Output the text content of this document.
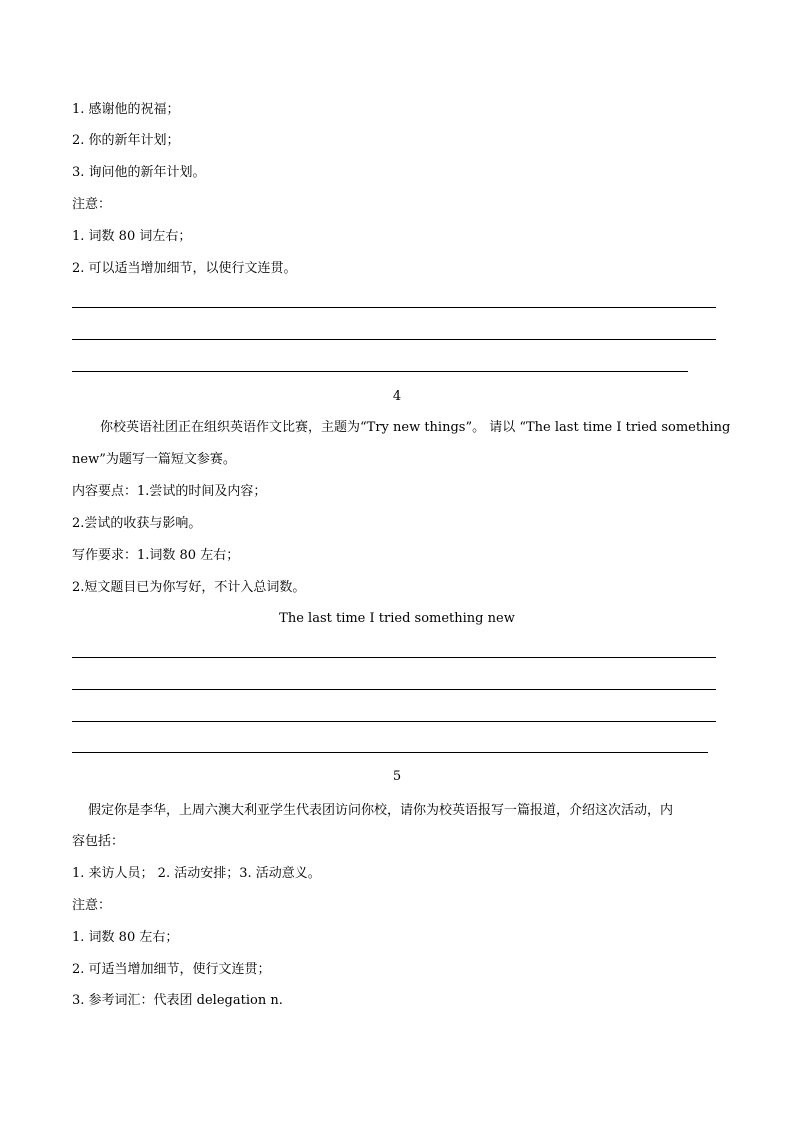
1. 感谢他的祝福；
2. 你的新年计划；
3. 询问他的新年计划。
注意：
1. 词数 80 词左右；
2. 可以适当增加细节，以使行文连贯。
4
你校英语社团正在组织英语作文比赛，主题为“Try new things”。 请以 “The last time I tried something
new”为题写一篇短文参赛。
内容要点：1.尝试的时间及内容；
2.尝试的收获与影响。
写作要求：1.词数 80 左右；
2.短文题目已为你写好，不计入总词数。
The last time I tried something new
5
假定你是李华，上周六澳大利亚学生代表团访问你校，请你为校英语报写一篇报道，介绍这次活动，内
容包括：
1. 来访人员； 2. 活动安排；3. 活动意义。
注意：
1. 词数 80 左右；
2. 可适当增加细节，使行文连贯；
3. 参考词汇：代表团 delegation n.
